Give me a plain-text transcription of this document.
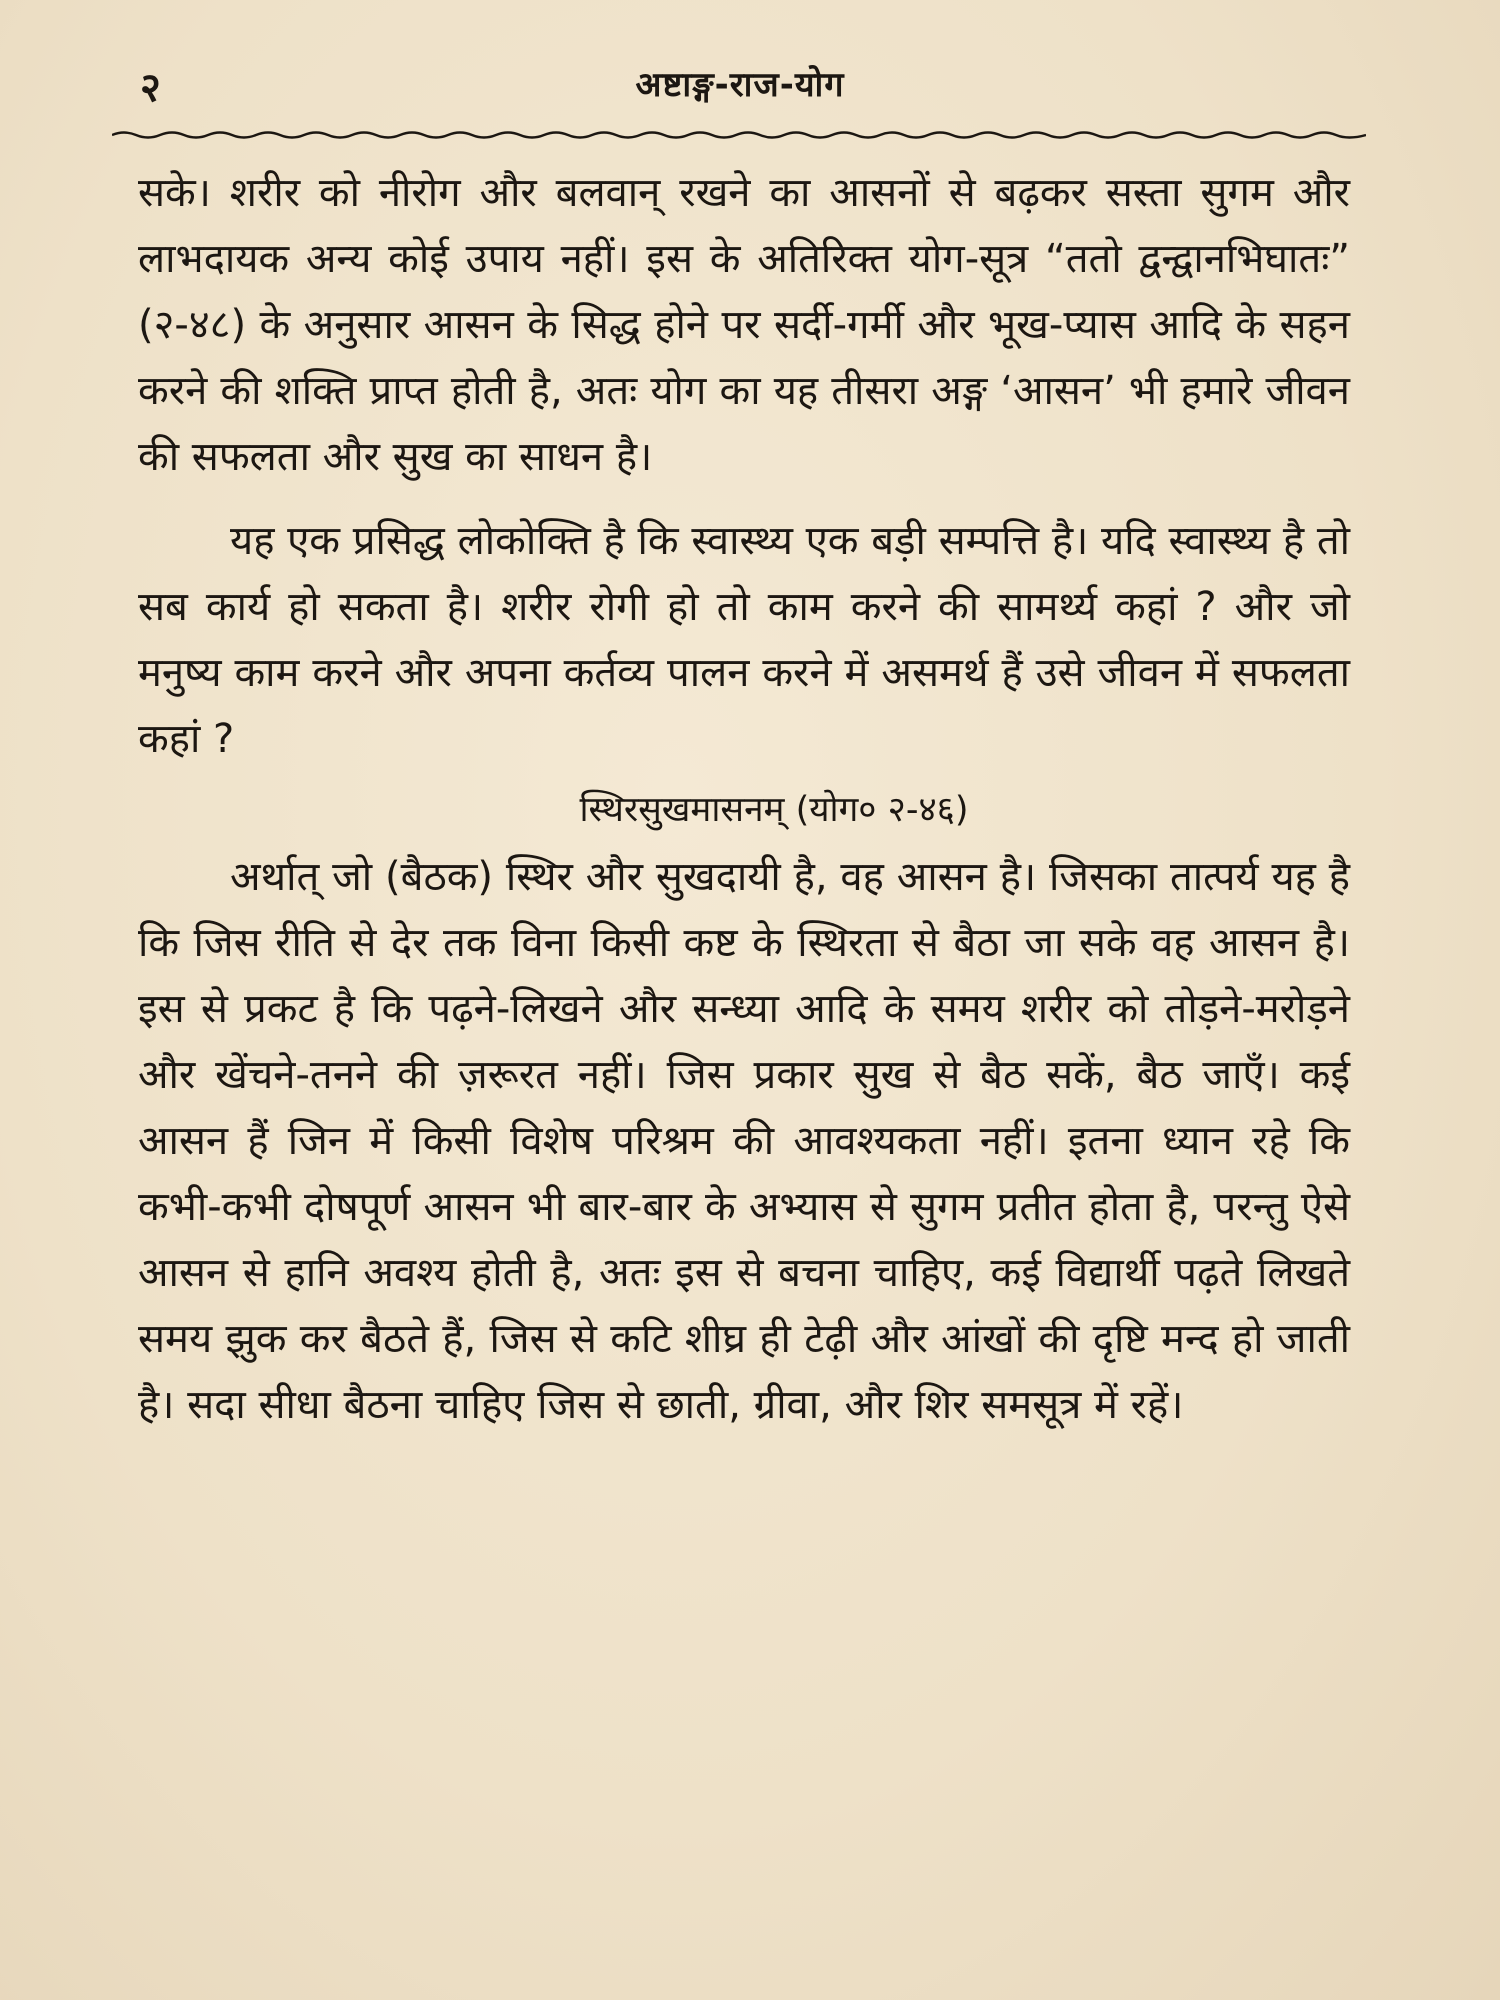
२	अष्टाङ्ग-राज-योग

सके। शरीर को नीरोग और बलवान् रखने का आसनों से बढ़कर सस्ता सुगम और लाभदायक अन्य कोई उपाय नहीं। इस के अतिरिक्त योग-सूत्र “ततो द्वन्द्वानभिघातः” (२-४८) के अनुसार आसन के सिद्ध होने पर सर्दी-गर्मी और भूख-प्यास आदि के सहन करने की शक्ति प्राप्त होती है, अतः योग का यह तीसरा अङ्ग ‘आसन’ भी हमारे जीवन की सफलता और सुख का साधन है।

यह एक प्रसिद्ध लोकोक्ति है कि स्वास्थ्य एक बड़ी सम्पत्ति है। यदि स्वास्थ्य है तो सब कार्य हो सकता है। शरीर रोगी हो तो काम करने की सामर्थ्य कहां ? और जो मनुष्य काम करने और अपना कर्तव्य पालन करने में असमर्थ हैं उसे जीवन में सफलता कहां ?

स्थिरसुखमासनम् (योग० २-४६)

अर्थात् जो (बैठक) स्थिर और सुखदायी है, वह आसन है। जिसका तात्पर्य यह है कि जिस रीति से देर तक विना किसी कष्ट के स्थिरता से बैठा जा सके वह आसन है। इस से प्रकट है कि पढ़ने-लिखने और सन्ध्या आदि के समय शरीर को तोड़ने-मरोड़ने और खेंचने-तनने की ज़रूरत नहीं। जिस प्रकार सुख से बैठ सकें, बैठ जाएँ। कई आसन हैं जिन में किसी विशेष परिश्रम की आवश्यकता नहीं। इतना ध्यान रहे कि कभी-कभी दोषपूर्ण आसन भी बार-बार के अभ्यास से सुगम प्रतीत होता है, परन्तु ऐसे आसन से हानि अवश्य होती है, अतः इस से बचना चाहिए, कई विद्यार्थी पढ़ते लिखते समय झुक कर बैठते हैं, जिस से कटि शीघ्र ही टेढ़ी और आंखों की दृष्टि मन्द हो जाती है। सदा सीधा बैठना चाहिए जिस से छाती, ग्रीवा, और शिर समसूत्र में रहें।
